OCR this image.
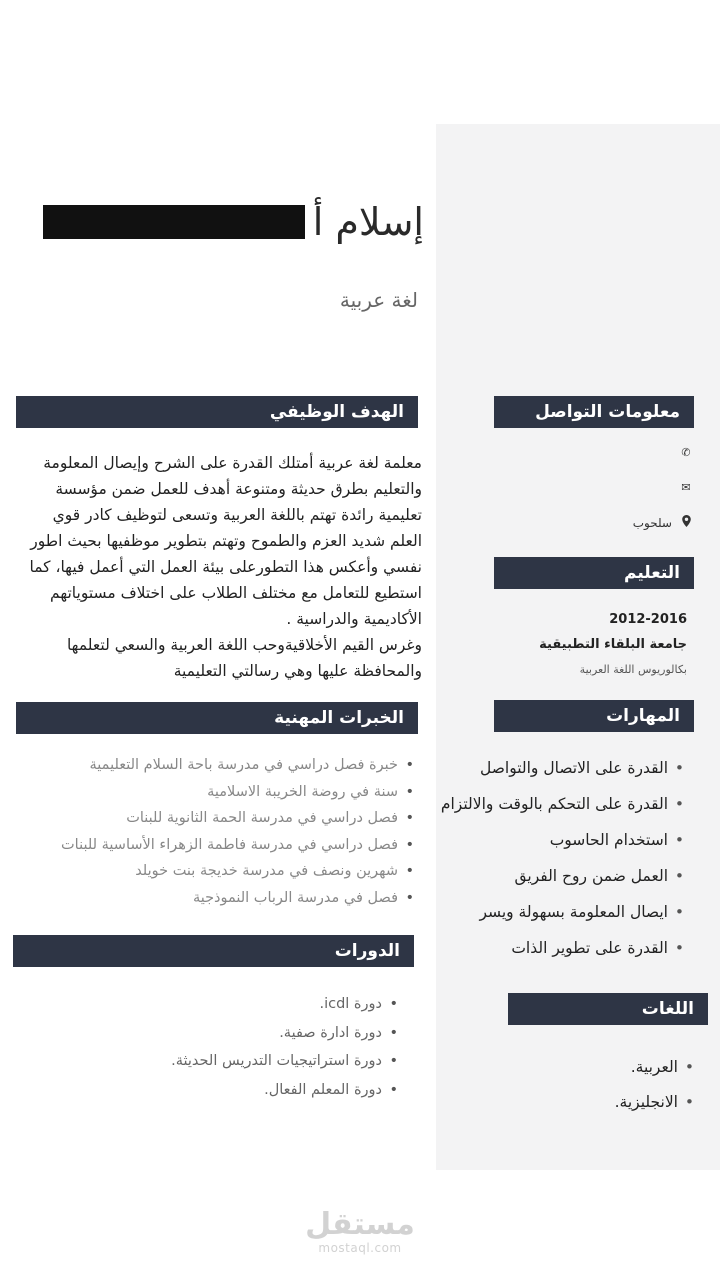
إسلام أ
لغة عربية
الهدف الوظيفي

معلمة لغة عربية أمتلك القدرة على الشرح وإيصال المعلومة
والتعليم بطرق حديثة ومتنوعة أهدف للعمل ضمن مؤسسة
تعليمية رائدة تهتم باللغة العربية وتسعى لتوظيف كادر قوي
العلم شديد العزم والطموح وتهتم بتطوير موظفيها بحيث اطور
نفسي وأعكس هذا التطورعلى بيئة العمل التي أعمل فيها، كما
استطيع للتعامل مع مختلف الطلاب على اختلاف مستوياتهم
الأكاديمية والدراسية .

وغرس القيم الأخلاقيةوحب اللغة العربية والسعي لتعلمها
والمحافظة عليها وهي رسالتي التعليمية

الخبرات المهنية
• خبرة فصل دراسي في مدرسة باحة السلام التعليمية
• سنة في روضة الخريبة الاسلامية
• فصل دراسي في مدرسة الحمة الثانوية للبنات
• فصل دراسي في مدرسة فاطمة الزهراء الأساسية للبنات
• شهرين ونصف في مدرسة خديجة بنت خويلد
• فصل في مدرسة الرباب النموذجية
الدورات
• دورة icdl.
• دورة ادارة صفية.
• دورة استراتيجيات التدريس الحديثة.
• دورة المعلم الفعال.
معلومات التواصل
✆
✉
سلحوب
التعليم
2012-2016
جامعة البلقاء التطبيقية
بكالوريوس اللغة العربية
المهارات
• القدرة على الاتصال والتواصل
• القدرة على التحكم بالوقت والالتزام
• استخدام الحاسوب
• العمل ضمن روح الفريق
• ايصال المعلومة بسهولة ويسر
• القدرة على تطوير الذات
اللغات
• العربية.
• الانجليزية.
مستقل
mostaql.com
